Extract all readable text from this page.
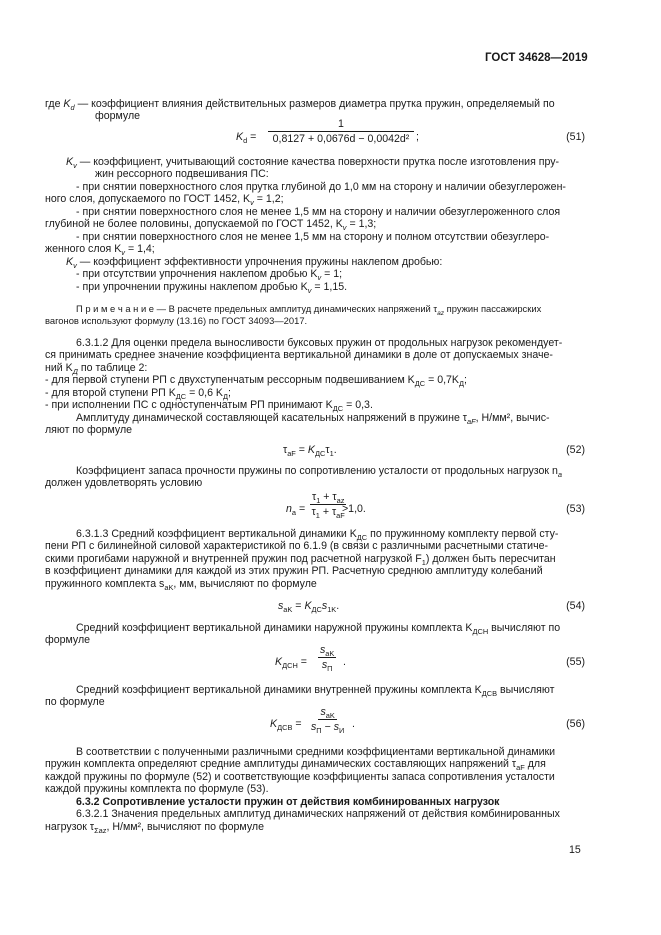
ГОСТ 34628—2019
где $K_d$ — коэффициент влияния действительных размеров диаметра прутка пружин, определяемый по
формуле
$K_d = \frac{1}{\text{0,8127 + 0,0676d − 0,0042d²}}$ ;	(51)
$K_v$ — коэффициент, учитывающий состояние качества поверхности прутка после изготовления пру-
жин рессорного подвешивания ПС:
- при снятии поверхностного слоя прутка глубиной до 1,0 мм на сторону и наличии обезуглерожен-
ного слоя, допускаемого по ГОСТ 1452, $K_v = 1,2$;
- при снятии поверхностного слоя не менее 1,5 мм на сторону и наличии обезуглероженного слоя
глубиной не более половины, допускаемой по ГОСТ 1452, $K_v = 1,3$;
- при снятии поверхностного слоя не менее 1,5 мм на сторону и полном отсутствии обезуглеро-
женного слоя $K_v = 1,4$;
$K_v$ — коэффициент эффективности упрочнения пружины наклепом дробью:
- при отсутствии упрочнения наклепом дробью $K_v = 1$;
- при упрочнении пружины наклепом дробью $K_v = 1,15$.
П р и м е ч а н и е — В расчете предельных амплитуд динамических напряжений $\tau_{az}$ пружин пассажирских
вагонов используют формулу (13.16) по ГОСТ 34093—2017.
6.3.1.2 Для оценки предела выносливости буксовых пружин от продольных нагрузок рекомендует-
ся принимать среднее значение коэффициента вертикальной динамики в доле от допускаемых значе-
ний $K_Д$ по таблице 2:
- для первой ступени РП с двухступенчатым рессорным подвешиванием $K_{ДС} = 0,7K_Д$;
- для второй ступени РП $K_{ДС} = 0,6$ $K_Д$;
- при исполнении ПС с одноступенчатым РП принимают $K_{ДС} = 0,3$.
Амплитуду динамической составляющей касательных напряжений в пружине $\tau_{aF}$, Н/мм², вычис-
ляют по формуле
$\tau_{aF} = K_{ДС}\tau_1$.	(52)
Коэффициент запаса прочности пружины по сопротивлению усталости от продольных нагрузок $n_a$
должен удовлетворять условию
$n_a$ =
$\tau_1 + \tau_{az}$
$\tau_1 + \tau_{aF}$
>1,0.	(53)
6.3.1.3 Средний коэффициент вертикальной динамики $K_{ДС}$ по пружинному комплекту первой сту-
пени РП с билинейной силовой характеристикой по 6.1.9 (в связи с различными расчетными статиче-
скими прогибами наружной и внутренней пружин под расчетной нагрузкой $F_1$) должен быть пересчитан
в коэффициент динамики для каждой из этих пружин РП. Расчетную среднюю амплитуду колебаний
пружинного комплекта $s_{aK}$, мм, вычисляют по формуле
$s_{aK} = K_{ДС}s_{1K}$.	(54)
Средний коэффициент вертикальной динамики наружной пружины комплекта $K_{ДСН}$ вычисляют по
формуле
$K_{ДСН}$ =
$s_{aK}$
$s_П$
.	(55)
Средний коэффициент вертикальной динамики внутренней пружины комплекта $K_{ДСВ}$ вычисляют
по формуле
$K_{ДСВ}$ =
$s_{aK}$
$s_П - s_И$
.	(56)
В соответствии с полученными различными средними коэффициентами вертикальной динамики
пружин комплекта определяют средние амплитуды динамических составляющих напряжений $\tau_{aF}$ для
каждой пружины по формуле (52) и соответствующие коэффициенты запаса сопротивления усталости
каждой пружины комплекта по формуле (53).
6.3.2 Сопротивление усталости пружин от действия комбинированных нагрузок
6.3.2.1 Значения предельных амплитуд динамических напряжений от действия комбинированных
нагрузок $\tau_{\Sigma az}$, Н/мм², вычисляют по формуле
15
